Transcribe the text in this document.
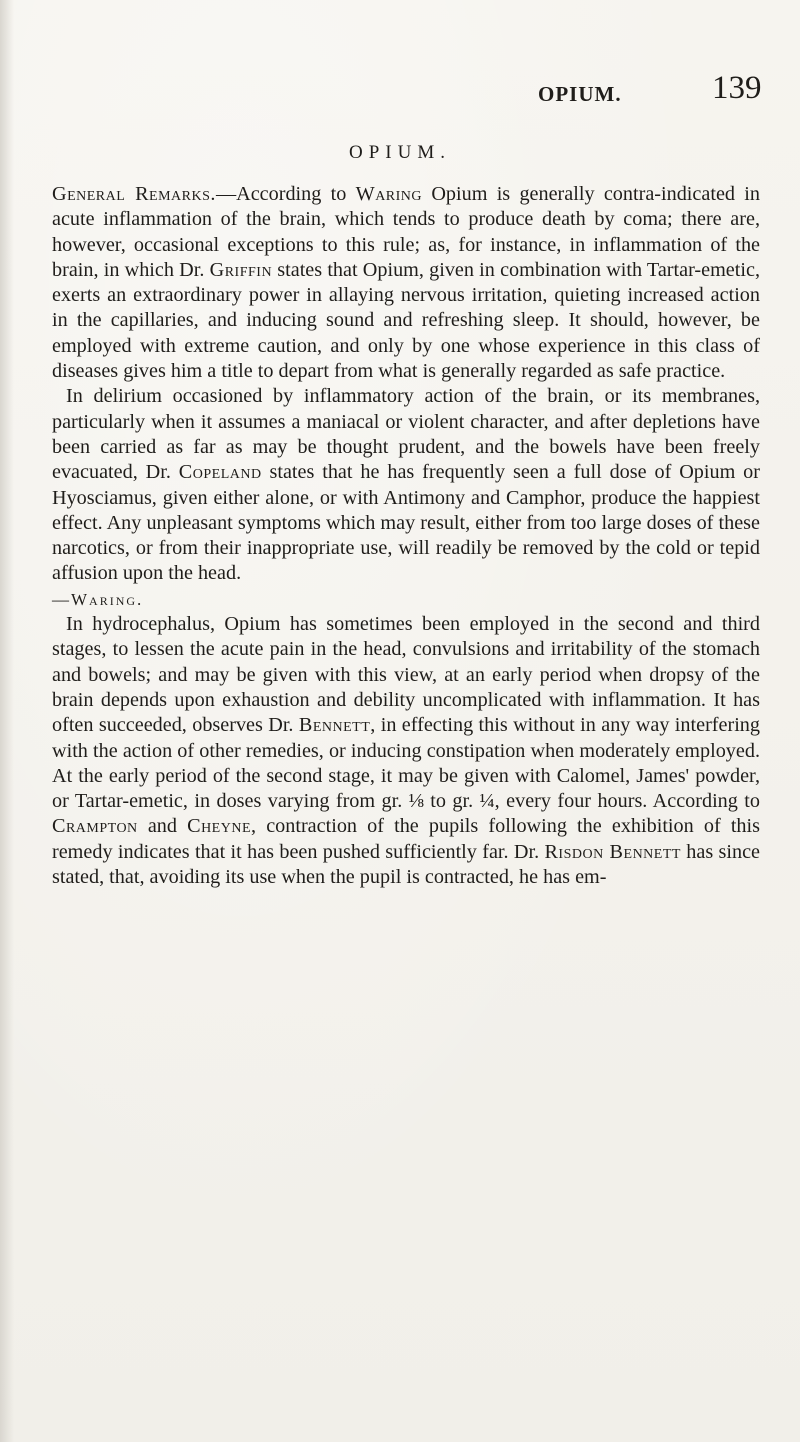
OPIUM.	139
OPIUM.

General Remarks.—According to Waring Opium is generally contra-indicated in acute inflammation of the brain, which tends to produce death by coma; there are, however, occasional exceptions to this rule; as, for instance, in inflammation of the brain, in which Dr. Griffin states that Opium, given in combination with Tartar-emetic, exerts an extraordinary power in allaying nervous irritation, quieting increased action in the capillaries, and inducing sound and refreshing sleep. It should, however, be employed with extreme caution, and only by one whose experience in this class of diseases gives him a title to depart from what is generally regarded as safe practice.

In delirium occasioned by inflammatory action of the brain, or its membranes, particularly when it assumes a maniacal or violent character, and after depletions have been carried as far as may be thought prudent, and the bowels have been freely evacuated, Dr. Copeland states that he has frequently seen a full dose of Opium or Hyosciamus, given either alone, or with Antimony and Camphor, produce the happiest effect. Any unpleasant symptoms which may result, either from too large doses of these narcotics, or from their inappropriate use, will readily be removed by the cold or tepid affusion upon the head.
—Waring.

In hydrocephalus, Opium has sometimes been employed in the second and third stages, to lessen the acute pain in the head, convulsions and irritability of the stomach and bowels; and may be given with this view, at an early period when dropsy of the brain depends upon exhaustion and debility uncomplicated with inflammation. It has often succeeded, observes Dr. Bennett, in effecting this without in any way interfering with the action of other remedies, or inducing constipation when moderately employed. At the early period of the second stage, it may be given with Calomel, James' powder, or Tartar-emetic, in doses varying from gr. ⅛ to gr. ¼, every four hours. According to Crampton and Cheyne, contraction of the pupils following the exhibition of this remedy indicates that it has been pushed sufficiently far. Dr. Risdon Bennett has since stated, that, avoiding its use when the pupil is contracted, he has em-
